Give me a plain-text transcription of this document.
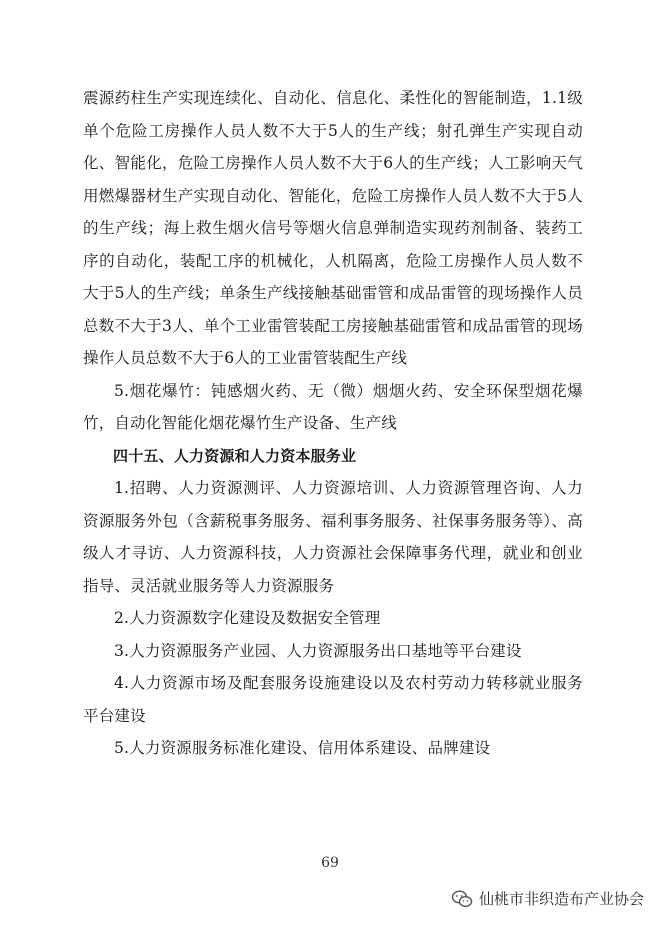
震源药柱生产实现连续化、自动化、信息化、柔性化的智能制造，1.1级单个危险工房操作人员人数不大于5人的生产线；射孔弹生产实现自动化、智能化，危险工房操作人员人数不大于6人的生产线；人工影响天气用燃爆器材生产实现自动化、智能化，危险工房操作人员人数不大于5人的生产线；海上救生烟火信号等烟火信息弹制造实现药剂制备、装药工序的自动化，装配工序的机械化，人机隔离，危险工房操作人员人数不大于5人的生产线；单条生产线接触基础雷管和成品雷管的现场操作人员总数不大于3人、单个工业雷管装配工房接触基础雷管和成品雷管的现场操作人员总数不大于6人的工业雷管装配生产线

5.烟花爆竹：钝感烟火药、无（微）烟烟火药、安全环保型烟花爆竹，自动化智能化烟花爆竹生产设备、生产线

四十五、人力资源和人力资本服务业

1.招聘、人力资源测评、人力资源培训、人力资源管理咨询、人力资源服务外包（含薪税事务服务、福利事务服务、社保事务服务等）、高级人才寻访、人力资源科技，人力资源社会保障事务代理，就业和创业指导、灵活就业服务等人力资源服务

2.人力资源数字化建设及数据安全管理

3.人力资源服务产业园、人力资源服务出口基地等平台建设

4.人力资源市场及配套服务设施建设以及农村劳动力转移就业服务平台建设

5.人力资源服务标准化建设、信用体系建设、品牌建设

69
仙桃市非织造布产业协会
